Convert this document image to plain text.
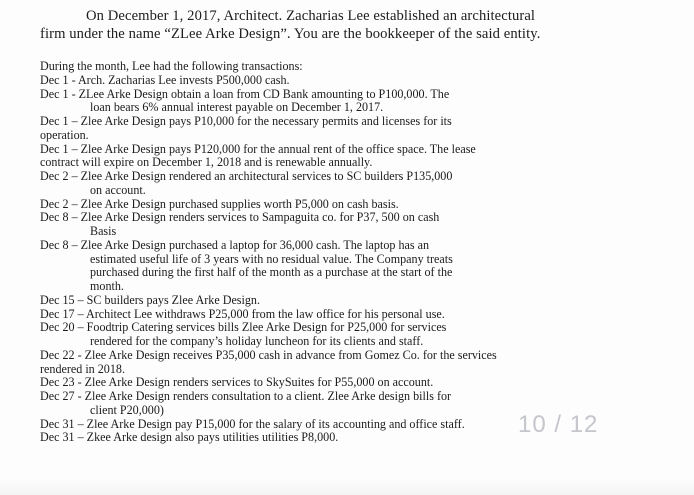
On December 1, 2017, Architect. Zacharias Lee established an architectural
firm under the name “ZLee Arke Design”. You are the bookkeeper of the said entity.
During the month, Lee had the following transactions:
Dec 1 - Arch. Zacharias Lee invests P500,000 cash.
Dec 1 - ZLee Arke Design obtain a loan from CD Bank amounting to P100,000. The
loan bears 6% annual interest payable on December 1, 2017.
Dec 1 – Zlee Arke Design pays P10,000 for the necessary permits and licenses for its
operation.
Dec 1 – Zlee Arke Design pays P120,000 for the annual rent of the office space. The lease
contract will expire on December 1, 2018 and is renewable annually.
Dec 2 – Zlee Arke Design rendered an architectural services to SC builders P135,000
on account.
Dec 2 – Zlee Arke Design purchased supplies worth P5,000 on cash basis.
Dec 8 – Zlee Arke Design renders services to Sampaguita co. for P37, 500 on cash
Basis
Dec 8 – Zlee Arke Design purchased a laptop for 36,000 cash. The laptop has an
estimated useful life of 3 years with no residual value. The Company treats
purchased during the first half of the month as a purchase at the start of the
month.
Dec 15 – SC builders pays Zlee Arke Design.
Dec 17 – Architect Lee withdraws P25,000 from the law office for his personal use.
Dec 20 – Foodtrip Catering services bills Zlee Arke Design for P25,000 for services
rendered for the company’s holiday luncheon for its clients and staff.
Dec 22 - Zlee Arke Design receives P35,000 cash in advance from Gomez Co. for the services
rendered in 2018.
Dec 23 - Zlee Arke Design renders services to SkySuites for P55,000 on account.
Dec 27 - Zlee Arke Design renders consultation to a client. Zlee Arke design bills for
client P20,000)
Dec 31 – Zlee Arke Design pay P15,000 for the salary of its accounting and office staff.
Dec 31 – Zkee Arke design also pays utilities utilities P8,000.	10 / 12
